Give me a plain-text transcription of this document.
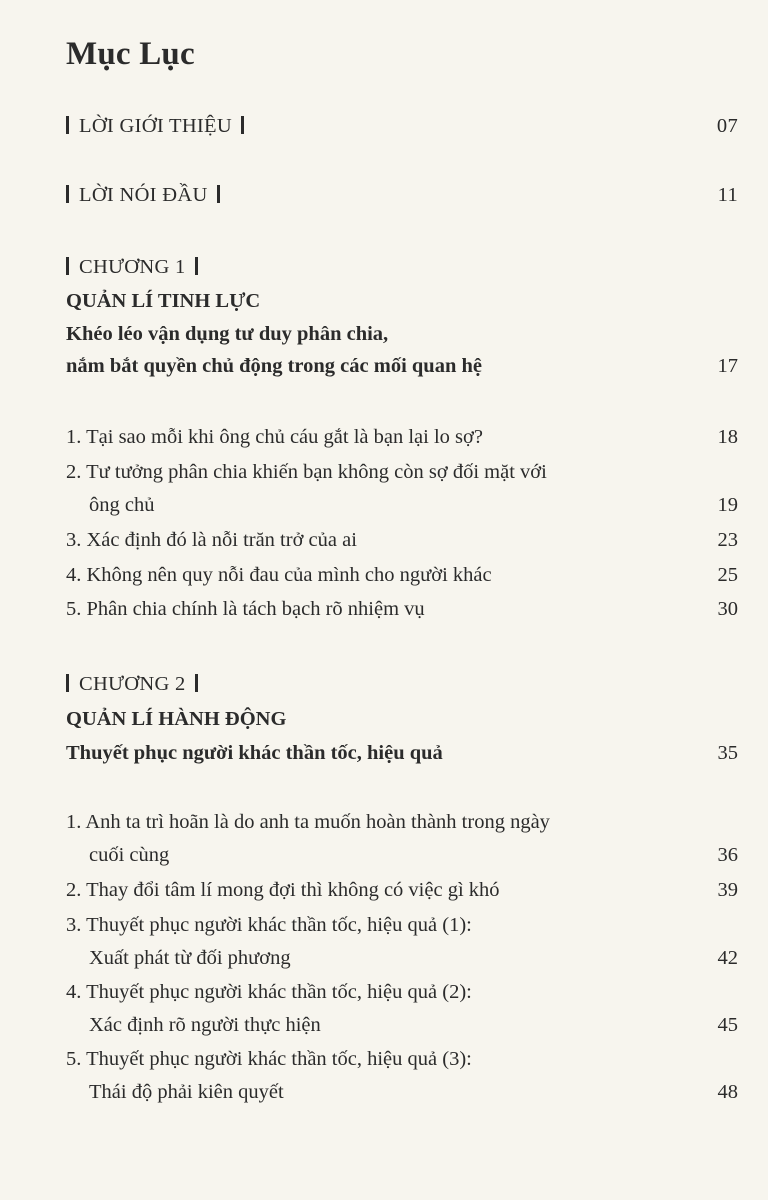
Mục Lục
LỜI GIỚI THIỆU	07
LỜI NÓI ĐẦU	11
CHƯƠNG 1
QUẢN LÍ TINH LỰC
Khéo léo vận dụng tư duy phân chia,
nắm bắt quyền chủ động trong các mối quan hệ	17
1. Tại sao mỗi khi ông chủ cáu gắt là bạn lại lo sợ?	18
2. Tư tưởng phân chia khiến bạn không còn sợ đối mặt với
ông chủ	19
3. Xác định đó là nỗi trăn trở của ai	23
4. Không nên quy nỗi đau của mình cho người khác	25
5. Phân chia chính là tách bạch rõ nhiệm vụ	30
CHƯƠNG 2
QUẢN LÍ HÀNH ĐỘNG
Thuyết phục người khác thần tốc, hiệu quả	35
1. Anh ta trì hoãn là do anh ta muốn hoàn thành trong ngày
cuối cùng	36
2. Thay đổi tâm lí mong đợi thì không có việc gì khó	39
3. Thuyết phục người khác thần tốc, hiệu quả (1):
Xuất phát từ đối phương	42
4. Thuyết phục người khác thần tốc, hiệu quả (2):
Xác định rõ người thực hiện	45
5. Thuyết phục người khác thần tốc, hiệu quả (3):
Thái độ phải kiên quyết	48
